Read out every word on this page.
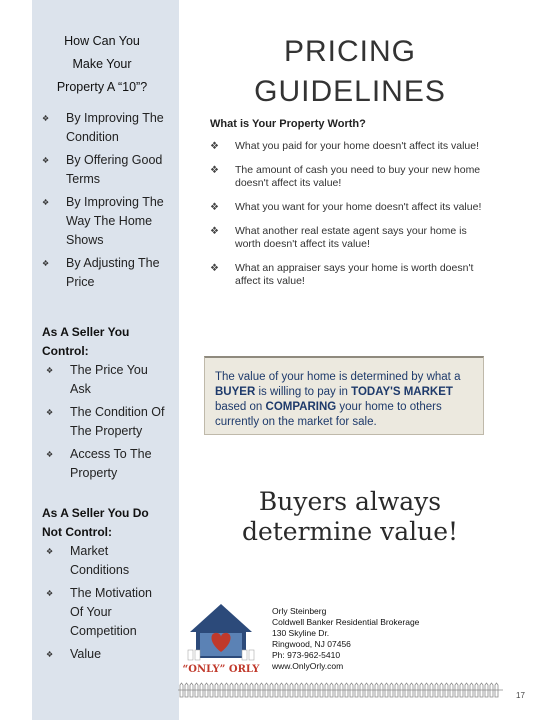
How Can You
Make Your
Property A “10”?
❖ By Improving The Condition
❖ By Offering Good Terms
❖ By Improving The Way The Home Shows
❖ By Adjusting The Price
As A Seller You Control:
❖ The Price You Ask
❖ The Condition Of The Property
❖ Access To The Property
As A Seller You Do Not Control:
❖ Market Conditions
❖ The Motivation Of Your Competition
❖ Value
PRICING
GUIDELINES
What is Your Property Worth?
❖ What you paid for your home doesn't affect its value!
❖ The amount of cash you need to buy your new home doesn't affect its value!
❖ What you want for your home doesn't affect its value!
❖ What another real estate agent says your home is worth doesn't affect its value!
❖ What an appraiser says your home is worth doesn't affect its value!
The value of your home is determined by what a BUYER is willing to pay in TODAY'S MARKET based on COMPARING your home to others currently on the market for sale.
Buyers always
determine value!
“ONLY” ORLY
Orly Steinberg
Coldwell Banker Residential Brokerage
130 Skyline Dr.
Ringwood, NJ 07456
Ph: 973-962-5410
www.OnlyOrly.com
17
